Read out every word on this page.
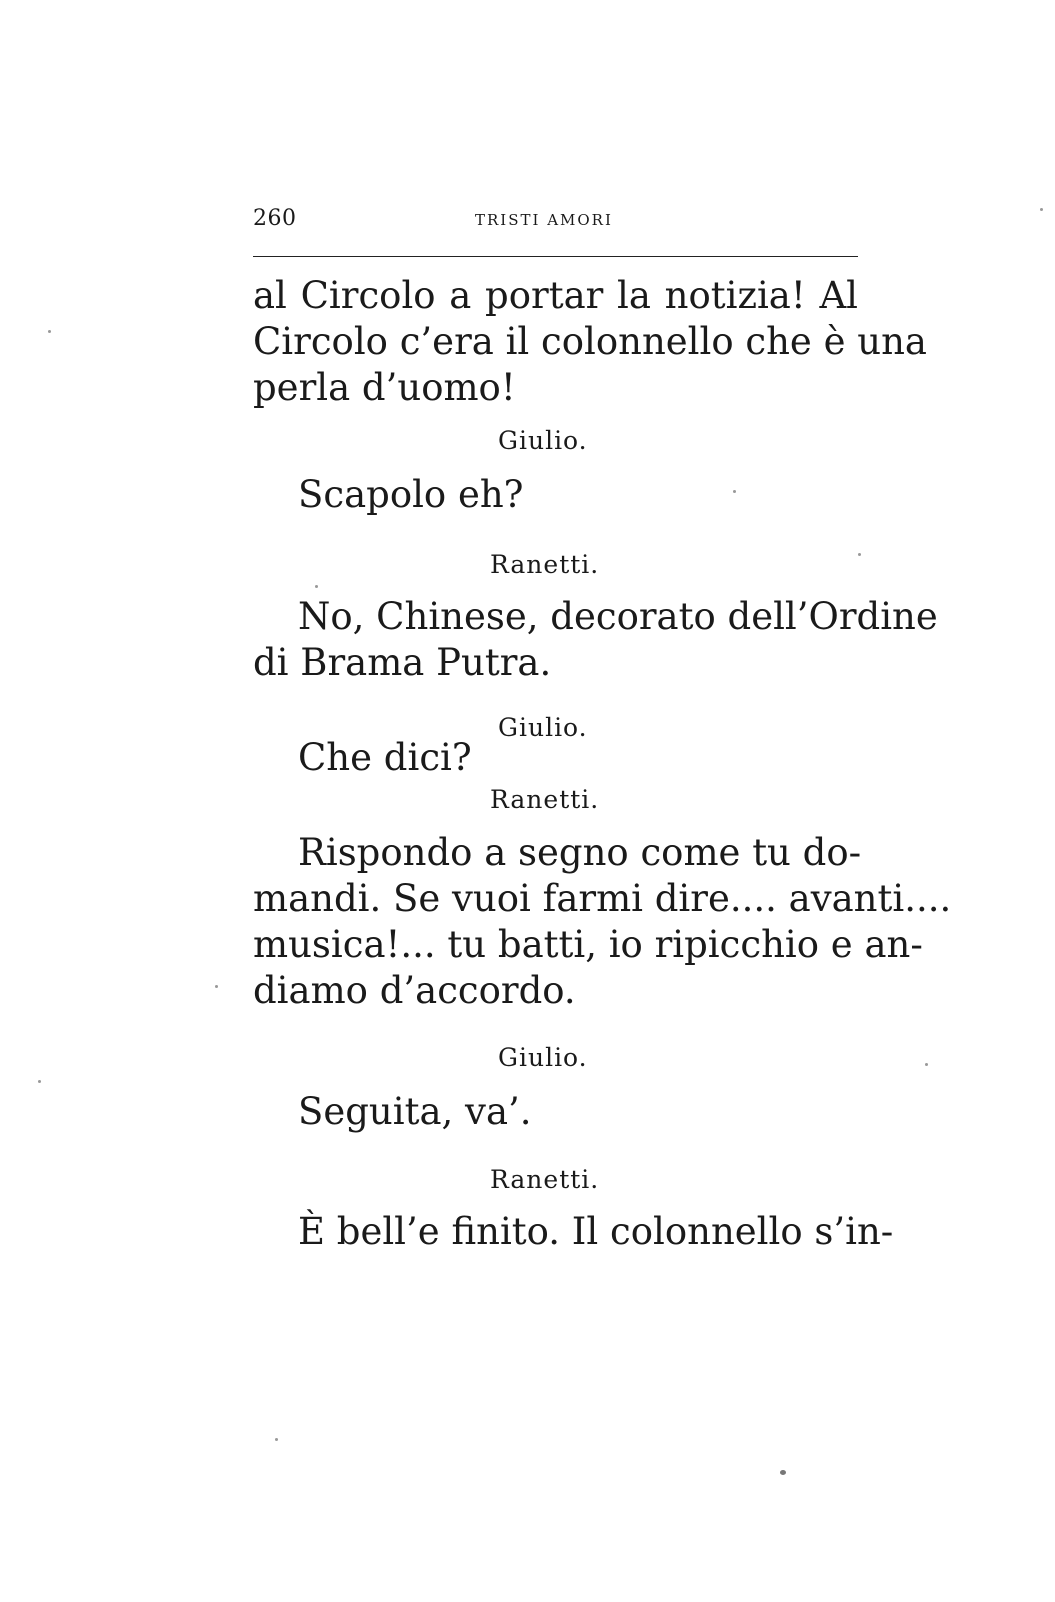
260	TRISTI AMORI
al Circolo a portar la notizia! Al
Circolo c’era il colonnello che è una
perla d’uomo!
Giulio.
Scapolo eh?
Ranetti.
No, Chinese, decorato dell’Ordine
di Brama Putra.
Giulio.
Che dici?
Ranetti.
Rispondo a segno come tu do-
mandi. Se vuoi farmi dire.... avanti....
musica!... tu batti, io ripicchio e an-
diamo d’accordo.
Giulio.
Seguita, va’.
Ranetti.
È bell’e finito. Il colonnello s’in-
